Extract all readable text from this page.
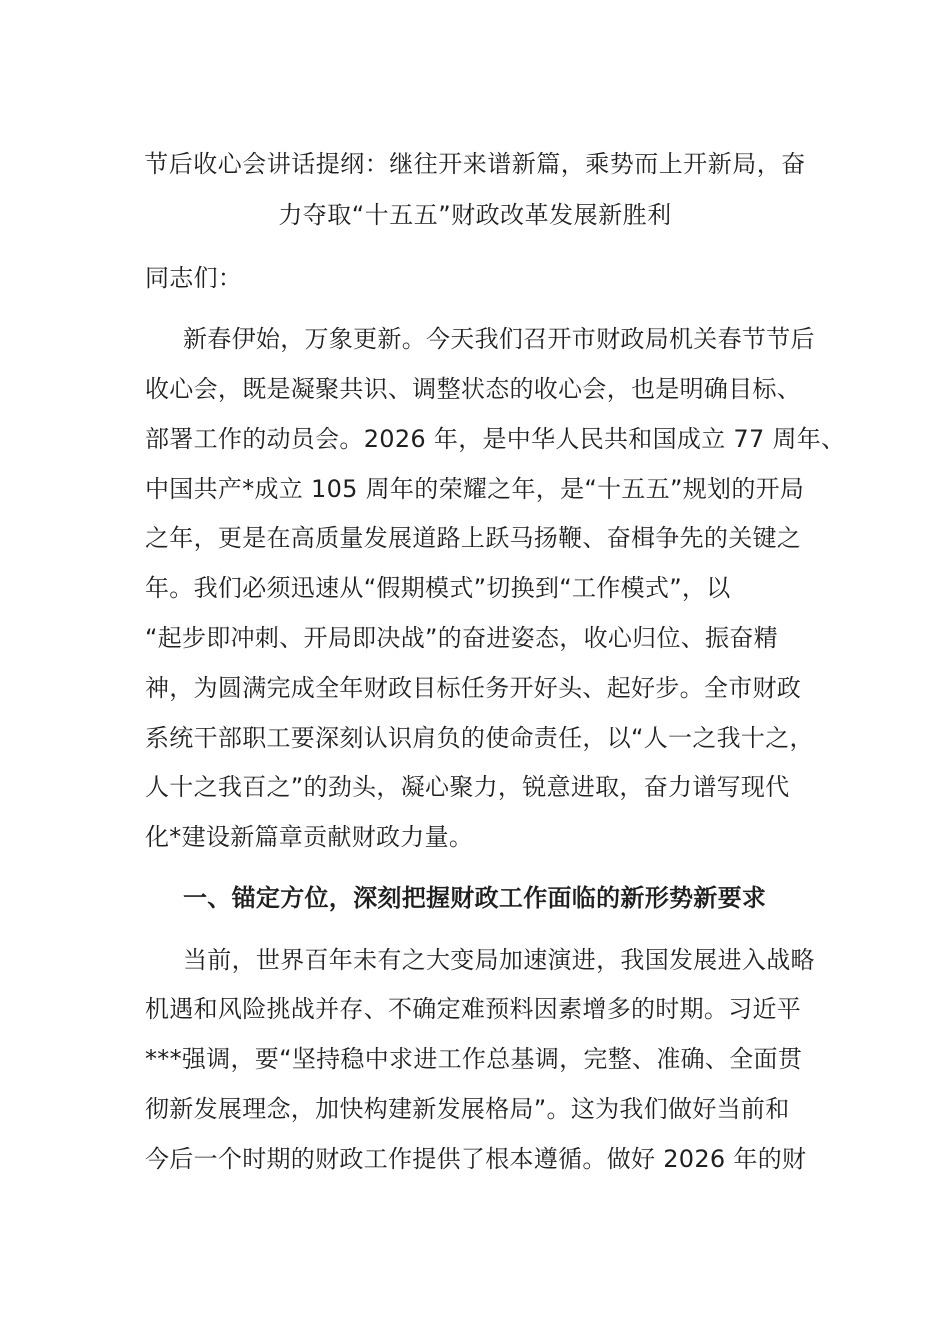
节后收心会讲话提纲：继往开来谱新篇，乘势而上开新局，奋
力夺取“十五五”财政改革发展新胜利
同志们：
新春伊始，万象更新。今天我们召开市财政局机关春节节后
收心会，既是凝聚共识、调整状态的收心会，也是明确目标、
部署工作的动员会。2026 年，是中华人民共和国成立 77 周年、
中国共产*成立 105 周年的荣耀之年，是“十五五”规划的开局
之年，更是在高质量发展道路上跃马扬鞭、奋楫争先的关键之
年。我们必须迅速从“假期模式”切换到“工作模式”，以
“起步即冲刺、开局即决战”的奋进姿态，收心归位、振奋精
神，为圆满完成全年财政目标任务开好头、起好步。全市财政
系统干部职工要深刻认识肩负的使命责任，以“人一之我十之，
人十之我百之”的劲头，凝心聚力，锐意进取，奋力谱写现代
化*建设新篇章贡献财政力量。
一、锚定方位，深刻把握财政工作面临的新形势新要求
当前，世界百年未有之大变局加速演进，我国发展进入战略
机遇和风险挑战并存、不确定难预料因素增多的时期。习近平
***强调，要“坚持稳中求进工作总基调，完整、准确、全面贯
彻新发展理念，加快构建新发展格局”。这为我们做好当前和
今后一个时期的财政工作提供了根本遵循。做好 2026 年的财
